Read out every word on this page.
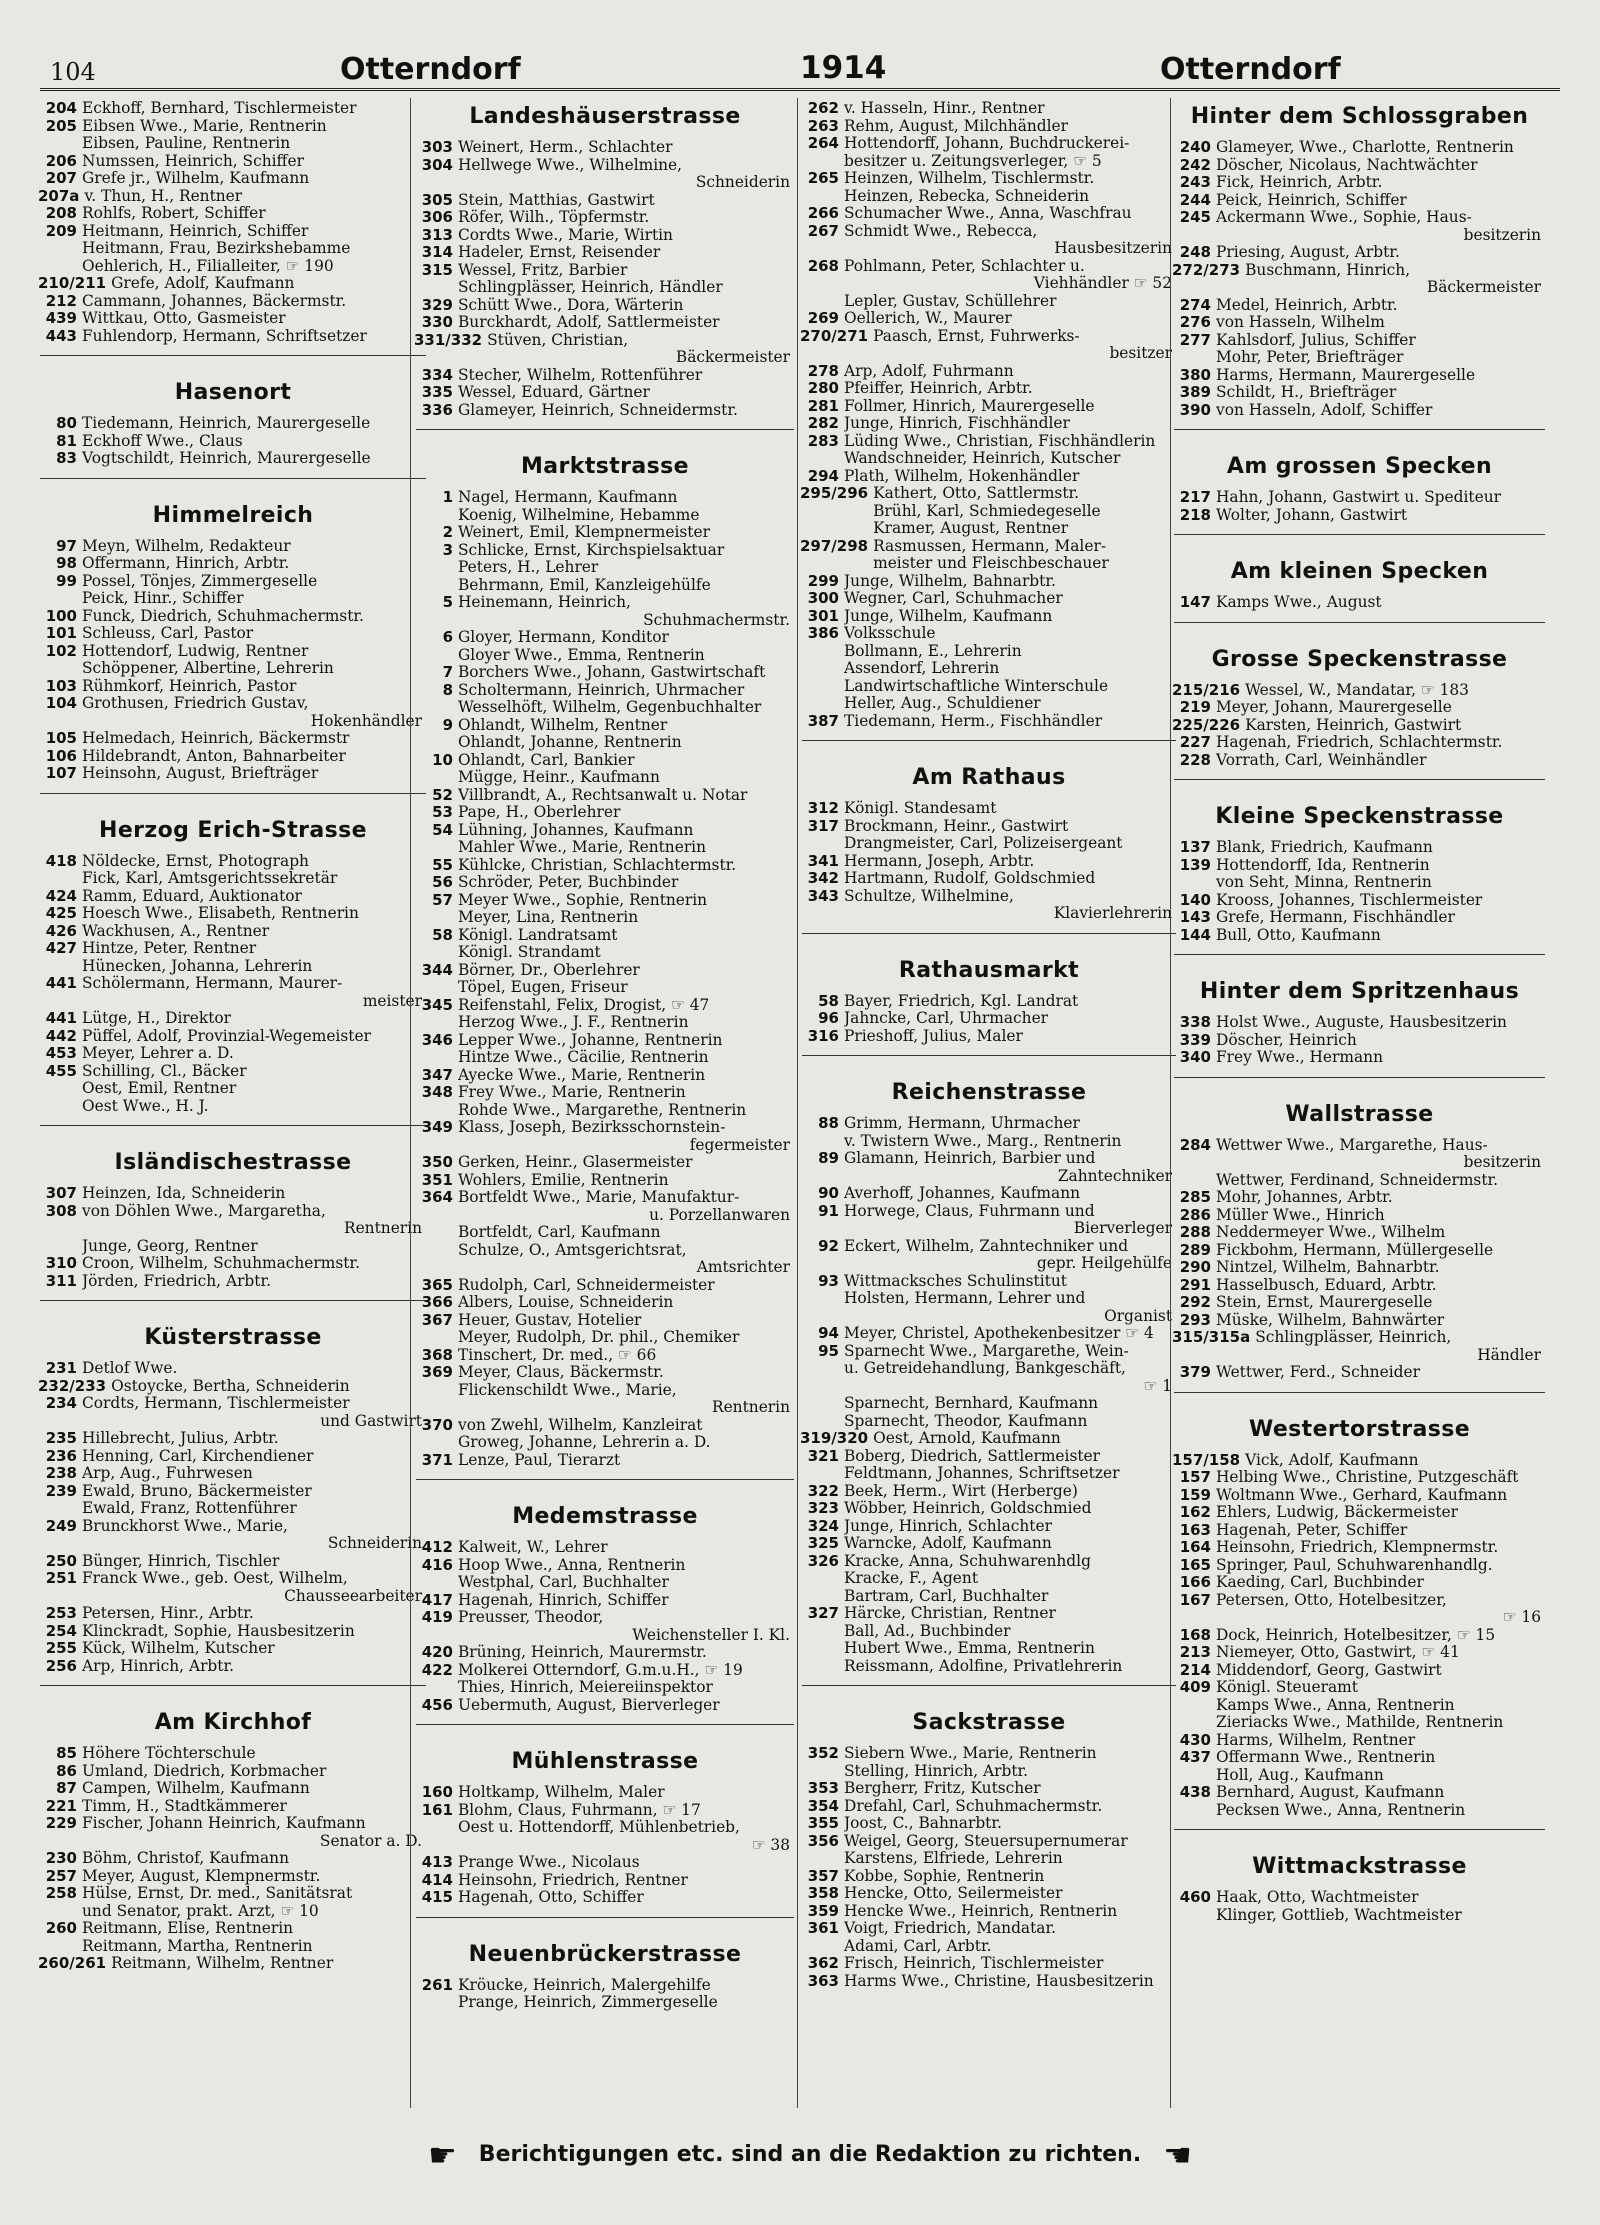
104	Otterndorf	1914	Otterndorf
204 Eckhoff, Bernhard, Tischlermeister
205 Eibsen Wwe., Marie, Rentnerin
Eibsen, Pauline, Rentnerin
206 Numssen, Heinrich, Schiffer
207 Grefe jr., Wilhelm, Kaufmann
207a v. Thun, H., Rentner
208 Rohlfs, Robert, Schiffer
209 Heitmann, Heinrich, Schiffer
Heitmann, Frau, Bezirkshebamme
Oehlerich, H., Filialleiter, ☞ 190
210/211 Grefe, Adolf, Kaufmann
212 Cammann, Johannes, Bäckermstr.
439 Wittkau, Otto, Gasmeister
443 Fuhlendorp, Hermann, Schriftsetzer
Hasenort
80 Tiedemann, Heinrich, Maurergeselle
81 Eckhoff Wwe., Claus
83 Vogtschildt, Heinrich, Maurergeselle
Himmelreich
97 Meyn, Wilhelm, Redakteur
98 Offermann, Hinrich, Arbtr.
99 Possel, Tönjes, Zimmergeselle
Peick, Hinr., Schiffer
100 Funck, Diedrich, Schuhmachermstr.
101 Schleuss, Carl, Pastor
102 Hottendorf, Ludwig, Rentner
Schöppener, Albertine, Lehrerin
103 Rühmkorf, Heinrich, Pastor
104 Grothusen, Friedrich Gustav,
Hokenhändler
105 Helmedach, Heinrich, Bäckermstr
106 Hildebrandt, Anton, Bahnarbeiter
107 Heinsohn, August, Briefträger
Herzog Erich-Strasse
418 Nöldecke, Ernst, Photograph
Fick, Karl, Amtsgerichtssekretär
424 Ramm, Eduard, Auktionator
425 Hoesch Wwe., Elisabeth, Rentnerin
426 Wackhusen, A., Rentner
427 Hintze, Peter, Rentner
Hünecken, Johanna, Lehrerin
441 Schölermann, Hermann, Maurer-
meister
441 Lütge, H., Direktor
442 Püffel, Adolf, Provinzial-Wegemeister
453 Meyer, Lehrer a. D.
455 Schilling, Cl., Bäcker
Oest, Emil, Rentner
Oest Wwe., H. J.
Isländischestrasse
307 Heinzen, Ida, Schneiderin
308 von Döhlen Wwe., Margaretha,
Rentnerin
Junge, Georg, Rentner
310 Croon, Wilhelm, Schuhmachermstr.
311 Jörden, Friedrich, Arbtr.
Küsterstrasse
231 Detlof Wwe.
232/233 Ostoycke, Bertha, Schneiderin
234 Cordts, Hermann, Tischlermeister
und Gastwirt
235 Hillebrecht, Julius, Arbtr.
236 Henning, Carl, Kirchendiener
238 Arp, Aug., Fuhrwesen
239 Ewald, Bruno, Bäckermeister
Ewald, Franz, Rottenführer
249 Brunckhorst Wwe., Marie,
Schneiderin
250 Bünger, Hinrich, Tischler
251 Franck Wwe., geb. Oest, Wilhelm,
Chausseearbeiter
253 Petersen, Hinr., Arbtr.
254 Klinckradt, Sophie, Hausbesitzerin
255 Kück, Wilhelm, Kutscher
256 Arp, Hinrich, Arbtr.
Am Kirchhof
85 Höhere Töchterschule
86 Umland, Diedrich, Korbmacher
87 Campen, Wilhelm, Kaufmann
221 Timm, H., Stadtkämmerer
229 Fischer, Johann Heinrich, Kaufmann
Senator a. D.
230 Böhm, Christof, Kaufmann
257 Meyer, August, Klempnermstr.
258 Hülse, Ernst, Dr. med., Sanitätsrat
und Senator, prakt. Arzt, ☞ 10
260 Reitmann, Elise, Rentnerin
Reitmann, Martha, Rentnerin
260/261 Reitmann, Wilhelm, Rentner
Landeshäuserstrasse
303 Weinert, Herm., Schlachter
304 Hellwege Wwe., Wilhelmine,
Schneiderin
305 Stein, Matthias, Gastwirt
306 Röfer, Wilh., Töpfermstr.
313 Cordts Wwe., Marie, Wirtin
314 Hadeler, Ernst, Reisender
315 Wessel, Fritz, Barbier
Schlingplässer, Heinrich, Händler
329 Schütt Wwe., Dora, Wärterin
330 Burckhardt, Adolf, Sattlermeister
331/332 Stüven, Christian,
Bäckermeister
334 Stecher, Wilhelm, Rottenführer
335 Wessel, Eduard, Gärtner
336 Glameyer, Heinrich, Schneidermstr.
Marktstrasse
1 Nagel, Hermann, Kaufmann
Koenig, Wilhelmine, Hebamme
2 Weinert, Emil, Klempnermeister
3 Schlicke, Ernst, Kirchspielsaktuar
Peters, H., Lehrer
Behrmann, Emil, Kanzleigehülfe
5 Heinemann, Heinrich,
Schuhmachermstr.
6 Gloyer, Hermann, Konditor
Gloyer Wwe., Emma, Rentnerin
7 Borchers Wwe., Johann, Gastwirtschaft
8 Scholtermann, Heinrich, Uhrmacher
Wesselhöft, Wilhelm, Gegenbuchhalter
9 Ohlandt, Wilhelm, Rentner
Ohlandt, Johanne, Rentnerin
10 Ohlandt, Carl, Bankier
Mügge, Heinr., Kaufmann
52 Villbrandt, A., Rechtsanwalt u. Notar
53 Pape, H., Oberlehrer
54 Lühning, Johannes, Kaufmann
Mahler Wwe., Marie, Rentnerin
55 Kühlcke, Christian, Schlachtermstr.
56 Schröder, Peter, Buchbinder
57 Meyer Wwe., Sophie, Rentnerin
Meyer, Lina, Rentnerin
58 Königl. Landratsamt
Königl. Strandamt
344 Börner, Dr., Oberlehrer
Töpel, Eugen, Friseur
345 Reifenstahl, Felix, Drogist, ☞ 47
Herzog Wwe., J. F., Rentnerin
346 Lepper Wwe., Johanne, Rentnerin
Hintze Wwe., Cäcilie, Rentnerin
347 Ayecke Wwe., Marie, Rentnerin
348 Frey Wwe., Marie, Rentnerin
Rohde Wwe., Margarethe, Rentnerin
349 Klass, Joseph, Bezirksschornstein-
fegermeister
350 Gerken, Heinr., Glasermeister
351 Wohlers, Emilie, Rentnerin
364 Bortfeldt Wwe., Marie, Manufaktur-
u. Porzellanwaren
Bortfeldt, Carl, Kaufmann
Schulze, O., Amtsgerichtsrat,
Amtsrichter
365 Rudolph, Carl, Schneidermeister
366 Albers, Louise, Schneiderin
367 Heuer, Gustav, Hotelier
Meyer, Rudolph, Dr. phil., Chemiker
368 Tinschert, Dr. med., ☞ 66
369 Meyer, Claus, Bäckermstr.
Flickenschildt Wwe., Marie,
Rentnerin
370 von Zwehl, Wilhelm, Kanzleirat
Groweg, Johanne, Lehrerin a. D.
371 Lenze, Paul, Tierarzt
Medemstrasse
412 Kalweit, W., Lehrer
416 Hoop Wwe., Anna, Rentnerin
Westphal, Carl, Buchhalter
417 Hagenah, Hinrich, Schiffer
419 Preusser, Theodor,
Weichensteller I. Kl.
420 Brüning, Heinrich, Maurermstr.
422 Molkerei Otterndorf, G.m.u.H., ☞ 19
Thies, Hinrich, Meiereiinspektor
456 Uebermuth, August, Bierverleger
Mühlenstrasse
160 Holtkamp, Wilhelm, Maler
161 Blohm, Claus, Fuhrmann, ☞ 17
Oest u. Hottendorff, Mühlenbetrieb,
☞ 38
413 Prange Wwe., Nicolaus
414 Heinsohn, Friedrich, Rentner
415 Hagenah, Otto, Schiffer
Neuenbrückerstrasse
261 Kröucke, Heinrich, Malergehilfe
Prange, Heinrich, Zimmergeselle
262 v. Hasseln, Hinr., Rentner
263 Rehm, August, Milchhändler
264 Hottendorff, Johann, Buchdruckerei-
besitzer u. Zeitungsverleger, ☞ 5
265 Heinzen, Wilhelm, Tischlermstr.
Heinzen, Rebecka, Schneiderin
266 Schumacher Wwe., Anna, Waschfrau
267 Schmidt Wwe., Rebecca,
Hausbesitzerin
268 Pohlmann, Peter, Schlachter u.
Viehhändler ☞ 52
Lepler, Gustav, Schüllehrer
269 Oellerich, W., Maurer
270/271 Paasch, Ernst, Fuhrwerks-
besitzer
278 Arp, Adolf, Fuhrmann
280 Pfeiffer, Heinrich, Arbtr.
281 Follmer, Hinrich, Maurergeselle
282 Junge, Hinrich, Fischhändler
283 Lüding Wwe., Christian, Fischhändlerin
Wandschneider, Heinrich, Kutscher
294 Plath, Wilhelm, Hokenhändler
295/296 Kathert, Otto, Sattlermstr.
Brühl, Karl, Schmiedegeselle
Kramer, August, Rentner
297/298 Rasmussen, Hermann, Maler-
meister und Fleischbeschauer
299 Junge, Wilhelm, Bahnarbtr.
300 Wegner, Carl, Schuhmacher
301 Junge, Wilhelm, Kaufmann
386 Volksschule
Bollmann, E., Lehrerin
Assendorf, Lehrerin
Landwirtschaftliche Winterschule
Heller, Aug., Schuldiener
387 Tiedemann, Herm., Fischhändler
Am Rathaus
312 Königl. Standesamt
317 Brockmann, Heinr., Gastwirt
Drangmeister, Carl, Polizeisergeant
341 Hermann, Joseph, Arbtr.
342 Hartmann, Rudolf, Goldschmied
343 Schultze, Wilhelmine,
Klavierlehrerin
Rathausmarkt
58 Bayer, Friedrich, Kgl. Landrat
96 Jahncke, Carl, Uhrmacher
316 Prieshoff, Julius, Maler
Reichenstrasse
88 Grimm, Hermann, Uhrmacher
v. Twistern Wwe., Marg., Rentnerin
89 Glamann, Heinrich, Barbier und
Zahntechniker
90 Averhoff, Johannes, Kaufmann
91 Horwege, Claus, Fuhrmann und
Bierverleger
92 Eckert, Wilhelm, Zahntechniker und
gepr. Heilgehülfe
93 Wittmacksches Schulinstitut
Holsten, Hermann, Lehrer und
Organist
94 Meyer, Christel, Apothekenbesitzer ☞ 4
95 Sparnecht Wwe., Margarethe, Wein-
u. Getreidehandlung, Bankgeschäft,
☞ 1
Sparnecht, Bernhard, Kaufmann
Sparnecht, Theodor, Kaufmann
319/320 Oest, Arnold, Kaufmann
321 Boberg, Diedrich, Sattlermeister
Feldtmann, Johannes, Schriftsetzer
322 Beek, Herm., Wirt (Herberge)
323 Wöbber, Heinrich, Goldschmied
324 Junge, Hinrich, Schlachter
325 Warncke, Adolf, Kaufmann
326 Kracke, Anna, Schuhwarenhdlg
Kracke, F., Agent
Bartram, Carl, Buchhalter
327 Härcke, Christian, Rentner
Ball, Ad., Buchbinder
Hubert Wwe., Emma, Rentnerin
Reissmann, Adolfine, Privatlehrerin
Sackstrasse
352 Siebern Wwe., Marie, Rentnerin
Stelling, Hinrich, Arbtr.
353 Bergherr, Fritz, Kutscher
354 Drefahl, Carl, Schuhmachermstr.
355 Joost, C., Bahnarbtr.
356 Weigel, Georg, Steuersupernumerar
Karstens, Elfriede, Lehrerin
357 Kobbe, Sophie, Rentnerin
358 Hencke, Otto, Seilermeister
359 Hencke Wwe., Heinrich, Rentnerin
361 Voigt, Friedrich, Mandatar.
Adami, Carl, Arbtr.
362 Frisch, Heinrich, Tischlermeister
363 Harms Wwe., Christine, Hausbesitzerin
Hinter dem Schlossgraben
240 Glameyer, Wwe., Charlotte, Rentnerin
242 Döscher, Nicolaus, Nachtwächter
243 Fick, Heinrich, Arbtr.
244 Peick, Heinrich, Schiffer
245 Ackermann Wwe., Sophie, Haus-
besitzerin
248 Priesing, August, Arbtr.
272/273 Buschmann, Hinrich,
Bäckermeister
274 Medel, Heinrich, Arbtr.
276 von Hasseln, Wilhelm
277 Kahlsdorf, Julius, Schiffer
Mohr, Peter, Briefträger
380 Harms, Hermann, Maurergeselle
389 Schildt, H., Briefträger
390 von Hasseln, Adolf, Schiffer
Am grossen Specken
217 Hahn, Johann, Gastwirt u. Spediteur
218 Wolter, Johann, Gastwirt
Am kleinen Specken
147 Kamps Wwe., August
Grosse Speckenstrasse
215/216 Wessel, W., Mandatar, ☞ 183
219 Meyer, Johann, Maurergeselle
225/226 Karsten, Heinrich, Gastwirt
227 Hagenah, Friedrich, Schlachtermstr.
228 Vorrath, Carl, Weinhändler
Kleine Speckenstrasse
137 Blank, Friedrich, Kaufmann
139 Hottendorff, Ida, Rentnerin
von Seht, Minna, Rentnerin
140 Krooss, Johannes, Tischlermeister
143 Grefe, Hermann, Fischhändler
144 Bull, Otto, Kaufmann
Hinter dem Spritzenhaus
338 Holst Wwe., Auguste, Hausbesitzerin
339 Döscher, Heinrich
340 Frey Wwe., Hermann
Wallstrasse
284 Wettwer Wwe., Margarethe, Haus-
besitzerin
Wettwer, Ferdinand, Schneidermstr.
285 Mohr, Johannes, Arbtr.
286 Müller Wwe., Hinrich
288 Neddermeyer Wwe., Wilhelm
289 Fickbohm, Hermann, Müllergeselle
290 Nintzel, Wilhelm, Bahnarbtr.
291 Hasselbusch, Eduard, Arbtr.
292 Stein, Ernst, Maurergeselle
293 Müske, Wilhelm, Bahnwärter
315/315a Schlingplässer, Heinrich,
Händler
379 Wettwer, Ferd., Schneider
Westertorstrasse
157/158 Vick, Adolf, Kaufmann
157 Helbing Wwe., Christine, Putzgeschäft
159 Woltmann Wwe., Gerhard, Kaufmann
162 Ehlers, Ludwig, Bäckermeister
163 Hagenah, Peter, Schiffer
164 Heinsohn, Friedrich, Klempnermstr.
165 Springer, Paul, Schuhwarenhandlg.
166 Kaeding, Carl, Buchbinder
167 Petersen, Otto, Hotelbesitzer,
☞ 16
168 Dock, Heinrich, Hotelbesitzer, ☞ 15
213 Niemeyer, Otto, Gastwirt, ☞ 41
214 Middendorf, Georg, Gastwirt
409 Königl. Steueramt
Kamps Wwe., Anna, Rentnerin
Zieriacks Wwe., Mathilde, Rentnerin
430 Harms, Wilhelm, Rentner
437 Offermann Wwe., Rentnerin
Holl, Aug., Kaufmann
438 Bernhard, August, Kaufmann
Pecksen Wwe., Anna, Rentnerin
Wittmackstrasse
460 Haak, Otto, Wachtmeister
Klinger, Gottlieb, Wachtmeister
☛ Berichtigungen etc. sind an die Redaktion zu richten. ☚
